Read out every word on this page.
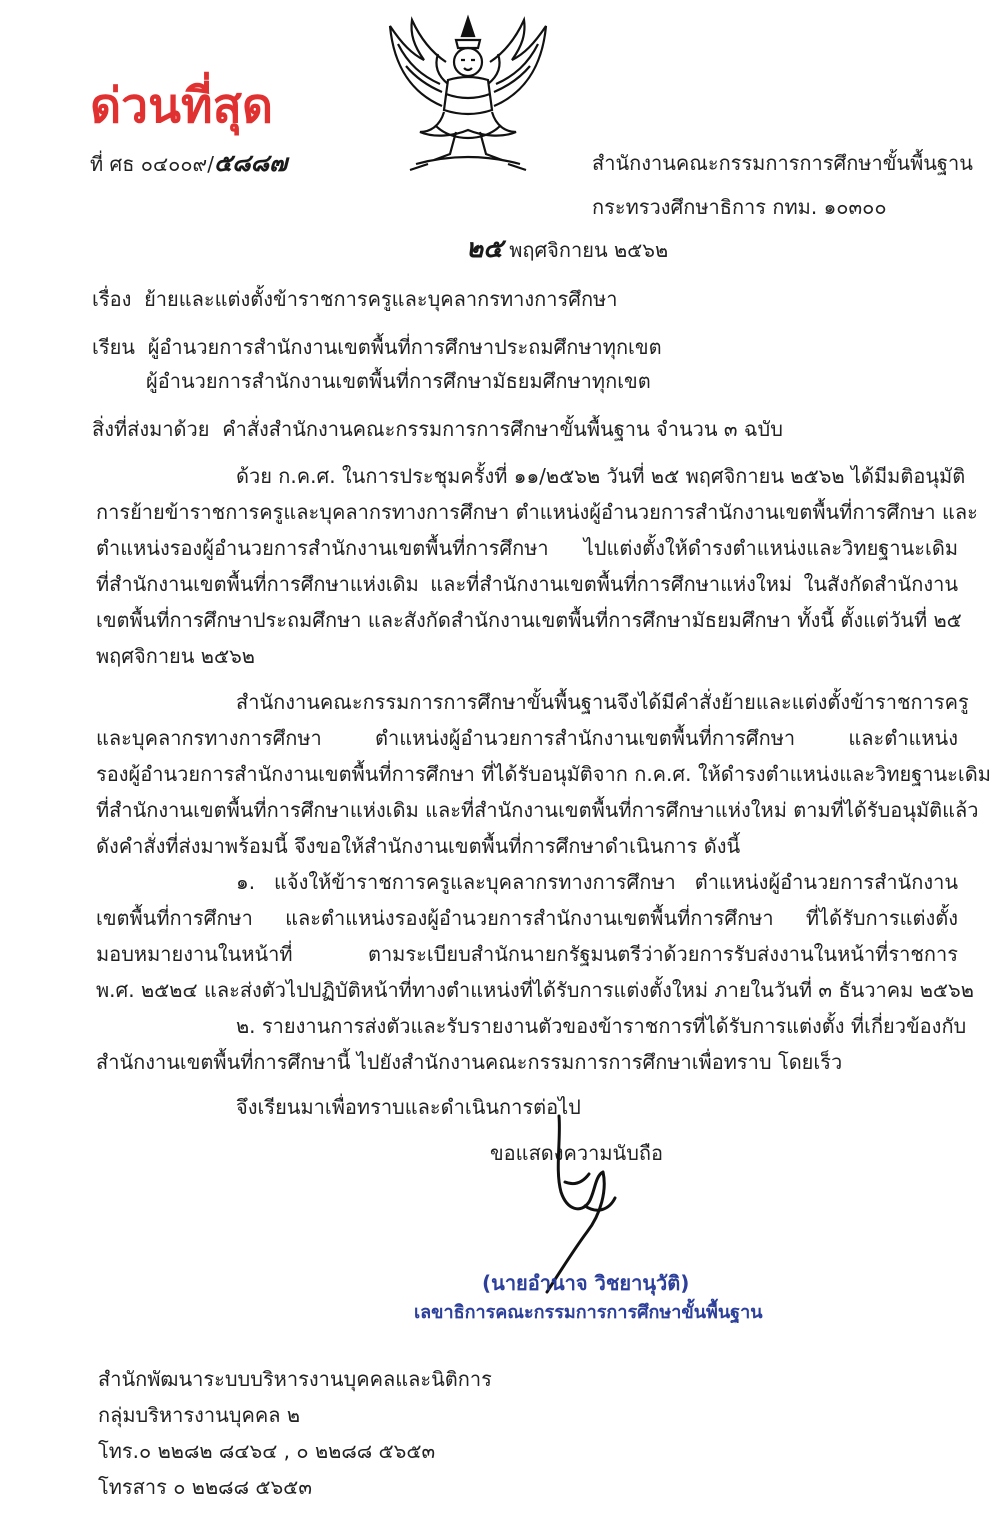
ด่วนที่สุด
ที่ ศธ ๐๔๐๐๙/๕๘๘๗	สำนักงานคณะกรรมการการศึกษาขั้นพื้นฐาน
กระทรวงศึกษาธิการ กทม. ๑๐๓๐๐
๒๕ พฤศจิกายน ๒๕๖๒
เรื่อง ย้ายและแต่งตั้งข้าราชการครูและบุคลากรทางการศึกษา
เรียน ผู้อำนวยการสำนักงานเขตพื้นที่การศึกษาประถมศึกษาทุกเขต
ผู้อำนวยการสำนักงานเขตพื้นที่การศึกษามัธยมศึกษาทุกเขต
สิ่งที่ส่งมาด้วย คำสั่งสำนักงานคณะกรรมการการศึกษาขั้นพื้นฐาน จำนวน ๓ ฉบับ
ด้วย ก.ค.ศ. ในการประชุมครั้งที่ ๑๑/๒๕๖๒ วันที่ ๒๕ พฤศจิกายน ๒๕๖๒ ได้มีมติอนุมัติ
การย้ายข้าราชการครูและบุคลากรทางการศึกษา ตำแหน่งผู้อำนวยการสำนักงานเขตพื้นที่การศึกษา และ
ตำแหน่งรองผู้อำนวยการสำนักงานเขตพื้นที่การศึกษา ไปแต่งตั้งให้ดำรงตำแหน่งและวิทยฐานะเดิม
ที่สำนักงานเขตพื้นที่การศึกษาแห่งเดิม และที่สำนักงานเขตพื้นที่การศึกษาแห่งใหม่ ในสังกัดสำนักงาน
เขตพื้นที่การศึกษาประถมศึกษา และสังกัดสำนักงานเขตพื้นที่การศึกษามัธยมศึกษา ทั้งนี้ ตั้งแต่วันที่ ๒๕
พฤศจิกายน ๒๕๖๒
สำนักงานคณะกรรมการการศึกษาขั้นพื้นฐานจึงได้มีคำสั่งย้ายและแต่งตั้งข้าราชการครู
และบุคลากรทางการศึกษา ตำแหน่งผู้อำนวยการสำนักงานเขตพื้นที่การศึกษา และตำแหน่ง
รองผู้อำนวยการสำนักงานเขตพื้นที่การศึกษา ที่ได้รับอนุมัติจาก ก.ค.ศ. ให้ดำรงตำแหน่งและวิทยฐานะเดิม
ที่สำนักงานเขตพื้นที่การศึกษาแห่งเดิม และที่สำนักงานเขตพื้นที่การศึกษาแห่งใหม่ ตามที่ได้รับอนุมัติแล้ว
ดังคำสั่งที่ส่งมาพร้อมนี้ จึงขอให้สำนักงานเขตพื้นที่การศึกษาดำเนินการ ดังนี้
๑. แจ้งให้ข้าราชการครูและบุคลากรทางการศึกษา ตำแหน่งผู้อำนวยการสำนักงาน
เขตพื้นที่การศึกษา และตำแหน่งรองผู้อำนวยการสำนักงานเขตพื้นที่การศึกษา ที่ได้รับการแต่งตั้ง
มอบหมายงานในหน้าที่ ตามระเบียบสำนักนายกรัฐมนตรีว่าด้วยการรับส่งงานในหน้าที่ราชการ
พ.ศ. ๒๕๒๔ และส่งตัวไปปฏิบัติหน้าที่ทางตำแหน่งที่ได้รับการแต่งตั้งใหม่ ภายในวันที่ ๓ ธันวาคม ๒๕๖๒
๒. รายงานการส่งตัวและรับรายงานตัวของข้าราชการที่ได้รับการแต่งตั้ง ที่เกี่ยวข้องกับ
สำนักงานเขตพื้นที่การศึกษานี้ ไปยังสำนักงานคณะกรรมการการศึกษาเพื่อทราบ โดยเร็ว
จึงเรียนมาเพื่อทราบและดำเนินการต่อไป
ขอแสดงความนับถือ
(นายอำนาจ วิชยานุวัติ)
เลขาธิการคณะกรรมการการศึกษาขั้นพื้นฐาน
สำนักพัฒนาระบบบริหารงานบุคคลและนิติการ
กลุ่มบริหารงานบุคคล ๒
โทร.๐ ๒๒๘๒ ๘๔๖๔ , ๐ ๒๒๘๘ ๕๖๕๓
โทรสาร ๐ ๒๒๘๘ ๕๖๕๓
